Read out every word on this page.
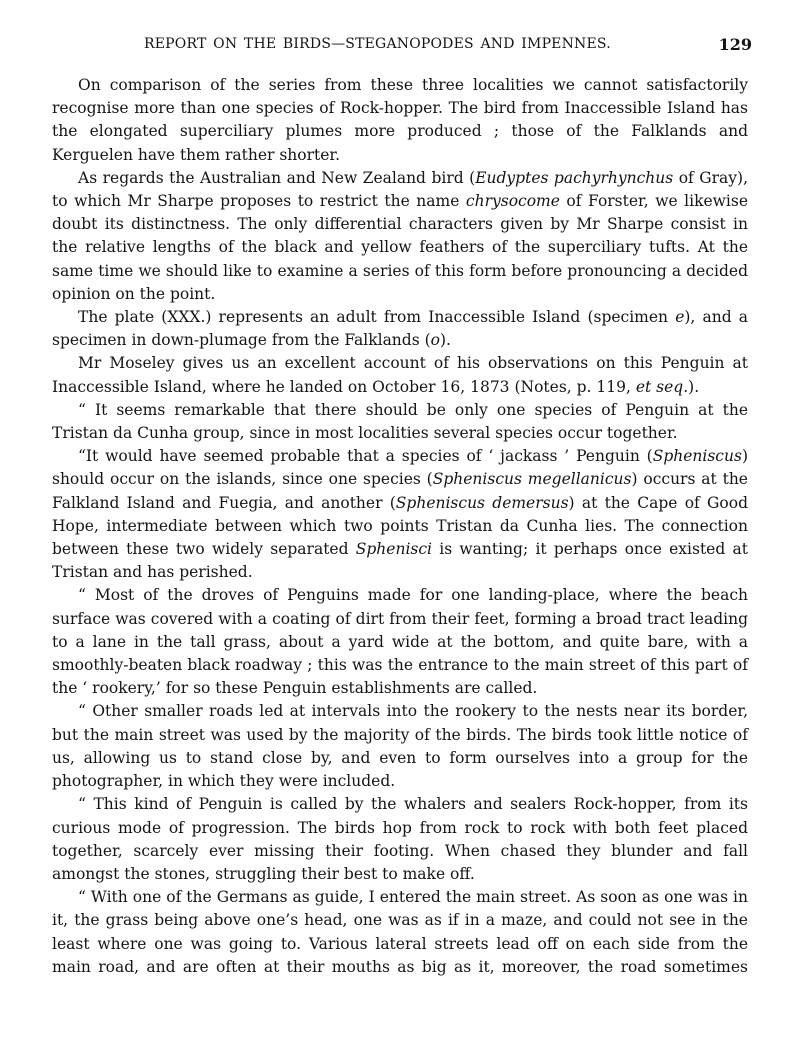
REPORT ON THE BIRDS—STEGANOPODES AND IMPENNES.	129

On comparison of the series from these three localities we cannot satisfactorily recognise more than one species of Rock-hopper. The bird from Inaccessible Island has the elongated superciliary plumes more produced ; those of the Falklands and Kerguelen have them rather shorter.

As regards the Australian and New Zealand bird (Eudyptes pachyrhynchus of Gray), to which Mr Sharpe proposes to restrict the name chrysocome of Forster, we likewise doubt its distinctness. The only differential characters given by Mr Sharpe consist in the relative lengths of the black and yellow feathers of the superciliary tufts. At the same time we should like to examine a series of this form before pronouncing a decided opinion on the point.

The plate (XXX.) represents an adult from Inaccessible Island (specimen e), and a specimen in down-plumage from the Falklands (o).

Mr Moseley gives us an excellent account of his observations on this Penguin at Inaccessible Island, where he landed on October 16, 1873 (Notes, p. 119, et seq.).

“ It seems remarkable that there should be only one species of Penguin at the Tristan da Cunha group, since in most localities several species occur together.

“It would have seemed probable that a species of ‘ jackass ’ Penguin (Spheniscus) should occur on the islands, since one species (Spheniscus megellanicus) occurs at the Falkland Island and Fuegia, and another (Spheniscus demersus) at the Cape of Good Hope, intermediate between which two points Tristan da Cunha lies. The connection between these two widely separated Sphenisci is wanting; it perhaps once existed at Tristan and has perished.

“ Most of the droves of Penguins made for one landing-place, where the beach surface was covered with a coating of dirt from their feet, forming a broad tract leading to a lane in the tall grass, about a yard wide at the bottom, and quite bare, with a smoothly-beaten black roadway ; this was the entrance to the main street of this part of the ‘ rookery,’ for so these Penguin establishments are called.

“ Other smaller roads led at intervals into the rookery to the nests near its border, but the main street was used by the majority of the birds. The birds took little notice of us, allowing us to stand close by, and even to form ourselves into a group for the photographer, in which they were included.

“ This kind of Penguin is called by the whalers and sealers Rock-hopper, from its curious mode of progression. The birds hop from rock to rock with both feet placed together, scarcely ever missing their footing. When chased they blunder and fall amongst the stones, struggling their best to make off.

“ With one of the Germans as guide, I entered the main street. As soon as one was in it, the grass being above one’s head, one was as if in a maze, and could not see in the least where one was going to. Various lateral streets lead off on each side from the main road, and are often at their mouths as big as it, moreover, the road sometimes
